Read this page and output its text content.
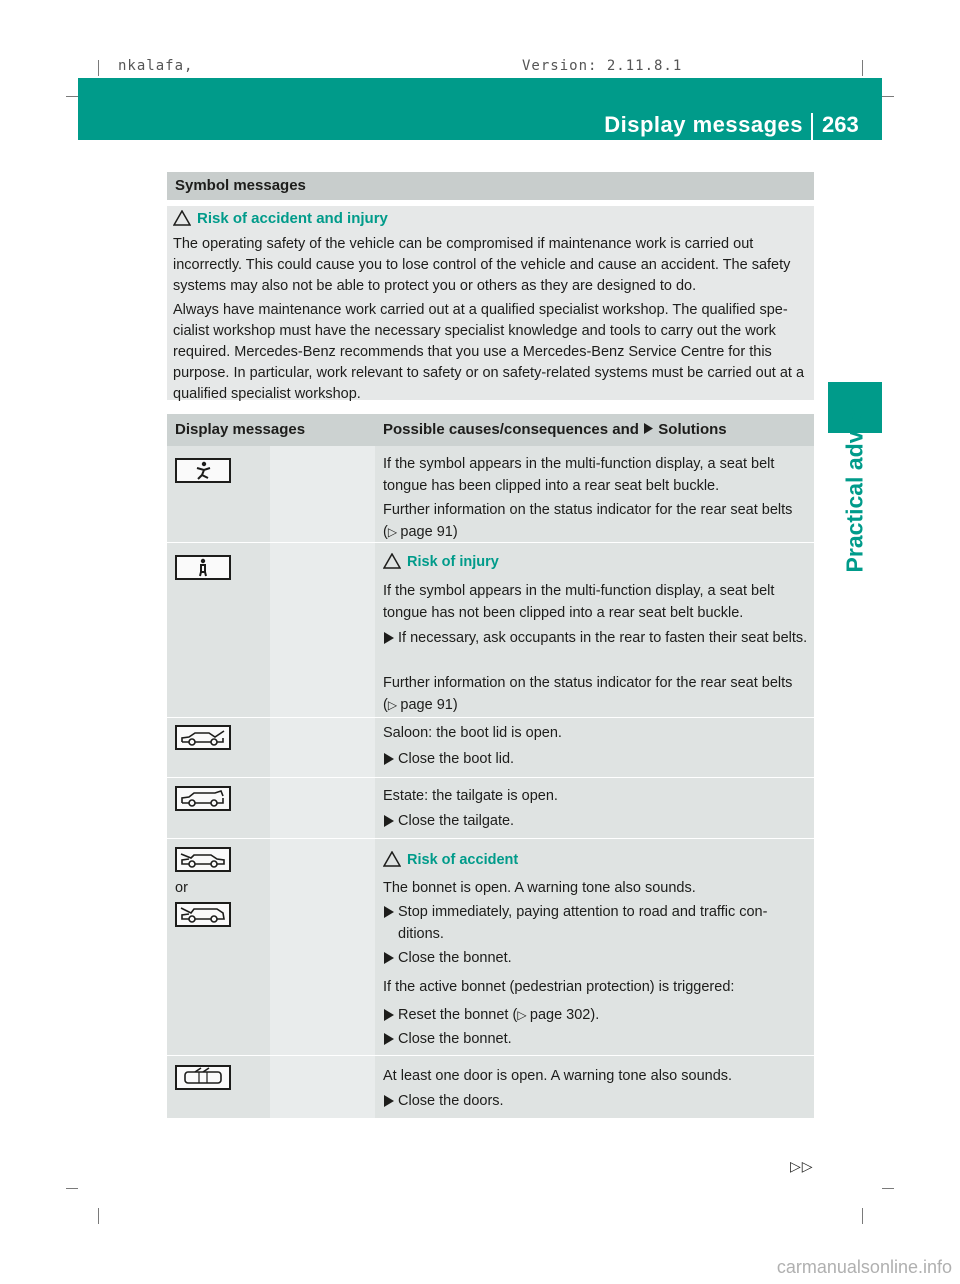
nkalafa,	Version: 2.11.8.1
Display messages 263
Practical advice
Symbol messages
Risk of accident and injury
The operating safety of the vehicle can be compromised if maintenance work is carried out incorrectly. This could cause you to lose control of the vehicle and cause an accident. The safety systems may also not be able to protect you or others as they are designed to do.
Always have maintenance work carried out at a qualified specialist workshop. The qualified spe-cialist workshop must have the necessary specialist knowledge and tools to carry out the work required. Mercedes-Benz recommends that you use a Mercedes-Benz Service Centre for this purpose. In particular, work relevant to safety or on safety-related systems must be carried out at a qualified specialist workshop.
Display messages	Possible causes/consequences and Solutions
If the symbol appears in the multi-function display, a seat belt tongue has been clipped into a rear seat belt buckle.
Further information on the status indicator for the rear seat belts (▷ page 91)
Risk of injury
If the symbol appears in the multi-function display, a seat belt tongue has not been clipped into a rear seat belt buckle.
If necessary, ask occupants in the rear to fasten their seat belts.
Further information on the status indicator for the rear seat belts (▷ page 91)
Saloon: the boot lid is open.
Close the boot lid.
Estate: the tailgate is open.
Close the tailgate.
or
Risk of accident
The bonnet is open. A warning tone also sounds.
Stop immediately, paying attention to road and traffic con-ditions.
Close the bonnet.
If the active bonnet (pedestrian protection) is triggered:
Reset the bonnet (▷ page 302).
Close the bonnet.
At least one door is open. A warning tone also sounds.
Close the doors.
▷▷
carmanualsonline.info
